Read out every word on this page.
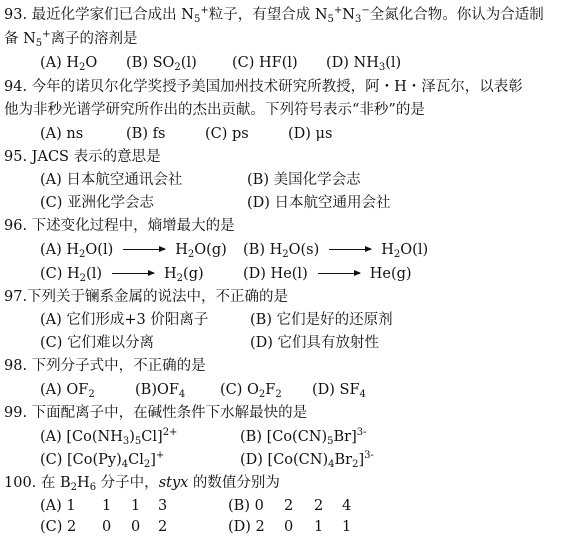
93. 最近化学家们已合成出 $N_5^+$粒子，有望合成 $N_5^+N_3^-$全氮化合物。你认为合适制
备 $N_5^+$离子的溶剂是
(A) $H_2O$ (B) $SO_2(l)$ (C) HF(l) (D) $NH_3(l)$
94. 今年的诺贝尔化学奖授予美国加州技术研究所教授，阿・H・泽瓦尔，以表彰
他为非秒光谱学研究所作出的杰出贡献。下列符号表示“非秒”的是
(A) ns	(B) fs	(C) ps	(D) μs
95. JACS 表示的意思是
(A) 日本航空通讯会社	(B) 美国化学会志
(C) 亚洲化学会志	(D) 日本航空通用会社
96. 下述变化过程中，熵增最大的是
(A) $H_2O(l) \to H_2O(g)$ (B) $H_2O(s) \to H_2O(l)$
(C) $H_2(l) \to H_2(g)$	(D) He(l) → He(g)
97.下列关于镧系金属的说法中，不正确的是
(A) 它们形成+3 价阳离子	(B) 它们是好的还原剂
(C) 它们难以分离	(D) 它们具有放射性
98. 下列分子式中，不正确的是
(A) $OF_2$	$(B)OF_4$ (C) $O_2F_2$ (D) $SF_4$
99. 下面配离子中，在碱性条件下水解最快的是
(A) $[Co(NH_3)_5Cl]^{2+}$	(B) $[Co(CN)_5Br]^{3-}$
(C) $[Co(Py)_4Cl_2]^+$	(D) $[Co(CN)_4Br_2]^{3-}$
100. 在 $B_2H_6$ 分子中，styx 的数值分别为
(A) 1 1 1 3	(B) 0 2 2 4
(C) 2 0 0 2	(D) 2 0 1 1
